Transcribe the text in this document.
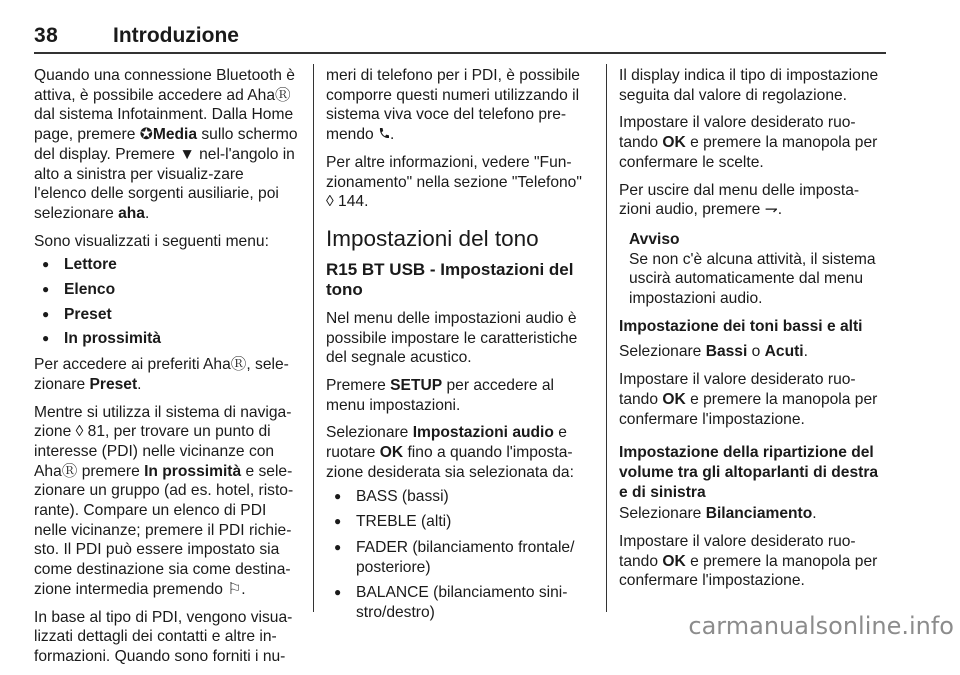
38	Introduzione

Quando una connessione Bluetooth è attiva, è possibile accedere ad AhaⓇ dal sistema Infotainment. Dalla Home page, premere ✪Media sullo schermo del display. Premere ▼ nel-l'angolo in alto a sinistra per visualiz-zare l'elenco delle sorgenti ausiliarie, poi selezionare aha.

Sono visualizzati i seguenti menu:

● Lettore
● Elenco
● Preset
● In prossimità

Per accedere ai preferiti AhaⓇ, sele-zionare Preset.

Mentre si utilizza il sistema di naviga-zione ◊ 81, per trovare un punto di interesse (PDI) nelle vicinanze con AhaⓇ premere In prossimità e sele-zionare un gruppo (ad es. hotel, risto-rante). Compare un elenco di PDI nelle vicinanze; premere il PDI richie-sto. Il PDI può essere impostato sia come destinazione sia come destina-zione intermedia premendo ⚐.

In base al tipo di PDI, vengono visua-lizzati dettagli dei contatti e altre in-formazioni. Quando sono forniti i nu-

meri di telefono per i PDI, è possibile comporre questi numeri utilizzando il sistema viva voce del telefono pre-mendo .

Per altre informazioni, vedere "Fun-zionamento" nella sezione "Telefono" ◊ 144.

Impostazioni del tono
R15 BT USB - Impostazioni del tono

Nel menu delle impostazioni audio è possibile impostare le caratteristiche del segnale acustico.

Premere SETUP per accedere al menu impostazioni.

Selezionare Impostazioni audio e ruotare OK fino a quando l'imposta-zione desiderata sia selezionata da:

● BASS (bassi)
● TREBLE (alti)
● FADER (bilanciamento frontale/ posteriore)
● BALANCE (bilanciamento sini-stro/destro)

Il display indica il tipo di impostazione seguita dal valore di regolazione.

Impostare il valore desiderato ruo-tando OK e premere la manopola per confermare le scelte.

Per uscire dal menu delle imposta-zioni audio, premere ⇁.

Avviso
Se non c'è alcuna attività, il sistema uscirà automaticamente dal menu impostazioni audio.
Impostazione dei toni bassi e alti

Selezionare Bassi o Acuti.

Impostare il valore desiderato ruo-tando OK e premere la manopola per confermare l'impostazione.

Impostazione della ripartizione del volume tra gli altoparlanti di destra e di sinistra

Selezionare Bilanciamento.

Impostare il valore desiderato ruo-tando OK e premere la manopola per confermare l'impostazione.

carmanualsonline.info
